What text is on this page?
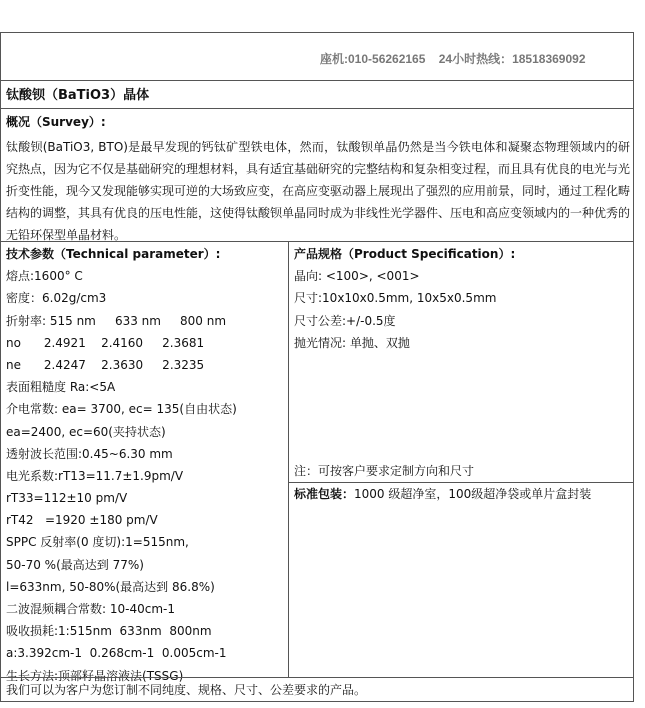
座机:010-56262165    24小时热线：18518369092
钛酸钡（BaTiO3）晶体
概况（Survey）:
钛酸钡(BaTiO3, BTO)是最早发现的钙钛矿型铁电体，然而，钛酸钡单晶仍然是当今铁电体和凝聚态物理领域内的研究热点，因为它不仅是基础研究的理想材料，具有适宜基础研究的完整结构和复杂相变过程，而且具有优良的电光与光折变性能，现今又发现能够实现可逆的大场致应变，在高应变驱动器上展现出了强烈的应用前景，同时，通过工程化畴结构的调整，其具有优良的压电性能，这使得钛酸钡单晶同时成为非线性光学器件、压电和高应变领域内的一种优秀的无铅环保型单晶材料。
技术参数（Technical parameter）:
熔点:1600° C
密度：6.02g/cm3
折射率: 515 nm     633 nm     800 nm
no      2.4921    2.4160     2.3681
ne      2.4247    2.3630     2.3235
表面粗糙度 Ra:<5A
介电常数: ea= 3700, ec= 135(自由状态)
ea=2400, ec=60(夹持状态)
透射波长范围:0.45~6.30 mm
电光系数:rT13=11.7±1.9pm/V
rT33=112±10 pm/V
rT42   =1920 ±180 pm/V
SPPC 反射率(0 度切):1=515nm,
50-70 %(最高达到 77%)
l=633nm, 50-80%(最高达到 86.8%)
二波混频耦合常数: 10-40cm-1
吸收损耗:1:515nm  633nm  800nm
a:3.392cm-1  0.268cm-1  0.005cm-1
生长方法:顶部籽晶溶液法(TSSG)
产品规格（Product Specification）:
晶向: <100>, <001>
尺寸:10x10x0.5mm, 10x5x0.5mm
尺寸公差:+/-0.5度
抛光情况: 单抛、双抛
注：可按客户要求定制方向和尺寸
标准包装：1000 级超净室，100级超净袋或单片盒封装
我们可以为客户为您订制不同纯度、规格、尺寸、公差要求的产品。
